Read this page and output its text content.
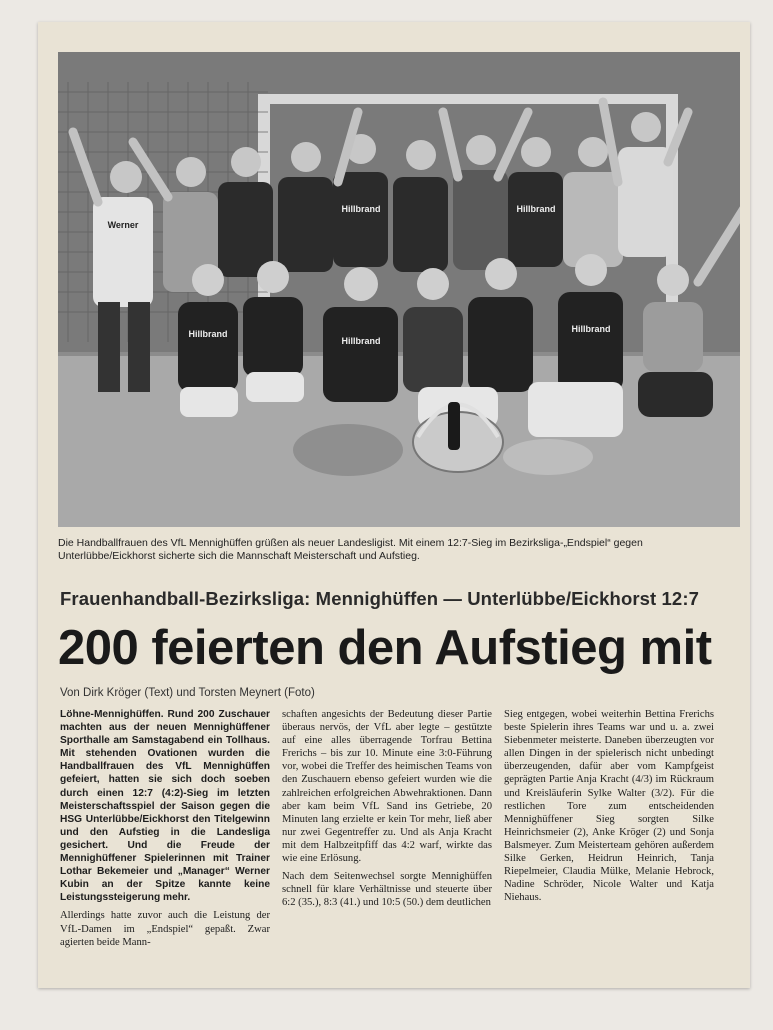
Werner
Hillbrand
Hillbrand
Hillbrand
Hillbrand	Hillbrand
Die Handballfrauen des VfL Mennighüffen grüßen als neuer Landesligist. Mit einem 12:7-Sieg im Bezirksliga-„Endspiel“ gegen Unterlübbe/Eickhorst sicherte sich die Mannschaft Meisterschaft und Aufstieg.
Frauenhandball-Bezirksliga: Mennighüffen — Unterlübbe/Eickhorst 12:7
200 feierten den Aufstieg mit
Von Dirk Kröger (Text) und Torsten Meynert (Foto)

Löhne-Mennighüffen. Rund 200 Zuschauer machten aus der neuen Mennighüffener Sporthalle am Samstagabend ein Tollhaus. Mit stehenden Ovationen wurden die Handballfrauen des VfL Mennighüffen gefeiert, hatten sie sich doch soeben durch einen 12:7 (4:2)-Sieg im letzten Meisterschaftsspiel der Saison gegen die HSG Unterlübbe/Eickhorst den Titelgewinn und den Aufstieg in die Landesliga gesichert. Und die Freude der Mennighüffener Spielerinnen mit Trainer Lothar Bekemeier und „Manager“ Werner Kubin an der Spitze kannte keine Leistungssteigerung mehr.

Allerdings hatte zuvor auch die Leistung der VfL-Damen im „Endspiel“ gepaßt. Zwar agierten beide Mann-

schaften angesichts der Bedeutung dieser Partie überaus nervös, der VfL aber legte – gestützte auf eine alles überragende Torfrau Bettina Frerichs – bis zur 10. Minute eine 3:0-Führung vor, wobei die Treffer des heimischen Teams von den Zuschauern ebenso gefeiert wurden wie die zahlreichen erfolgreichen Abwehraktionen. Dann aber kam beim VfL Sand ins Getriebe, 20 Minuten lang erzielte er kein Tor mehr, ließ aber nur zwei Gegentreffer zu. Und als Anja Kracht mit dem Halbzeitpfiff das 4:2 warf, wirkte das wie eine Erlösung.

Nach dem Seitenwechsel sorgte Mennighüffen schnell für klare Verhältnisse und steuerte über 6:2 (35.), 8:3 (41.) und 10:5 (50.) dem deutlichen

Sieg entgegen, wobei weiterhin Bettina Frerichs beste Spielerin ihres Teams war und u. a. zwei Siebenmeter meisterte. Daneben überzeugten vor allen Dingen in der spielerisch nicht unbedingt überzeugenden, dafür aber vom Kampfgeist geprägten Partie Anja Kracht (4/3) im Rückraum und Kreisläuferin Sylke Walter (3/2). Für die restlichen Tore zum entscheidenden Mennighüffener Sieg sorgten Silke Heinrichsmeier (2), Anke Kröger (2) und Sonja Balsmeyer. Zum Meisterteam gehören außerdem Silke Gerken, Heidrun Heinrich, Tanja Riepelmeier, Claudia Mülke, Melanie Hebrock, Nadine Schröder, Nicole Walter und Katja Niehaus.
